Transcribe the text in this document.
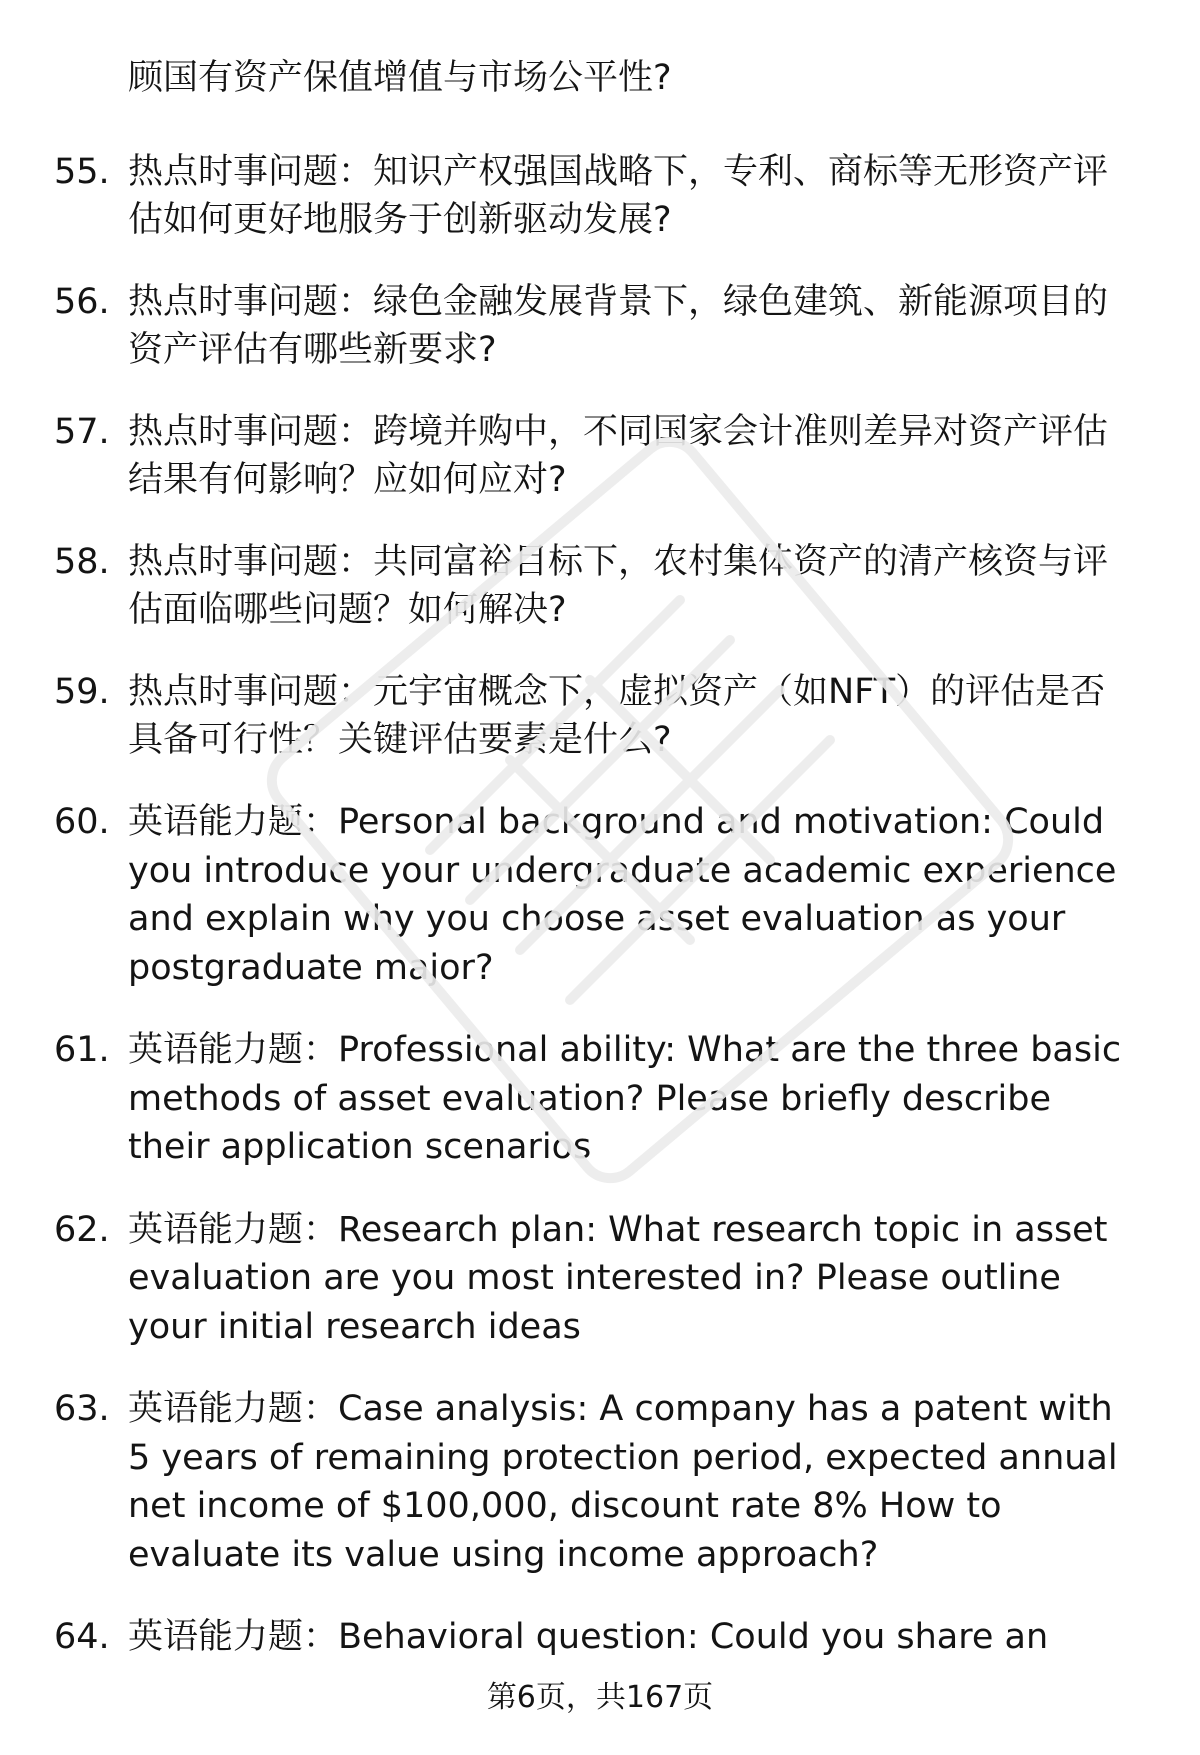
顾国有资产保值增值与市场公平性?

55. 热点时事问题：知识产权强国战略下，专利、商标等无形资产评估如何更好地服务于创新驱动发展?
56. 热点时事问题：绿色金融发展背景下，绿色建筑、新能源项目的资产评估有哪些新要求?
57. 热点时事问题：跨境并购中，不同国家会计准则差异对资产评估结果有何影响？应如何应对?
58. 热点时事问题：共同富裕目标下，农村集体资产的清产核资与评估面临哪些问题？如何解决?
59. 热点时事问题：元宇宙概念下，虚拟资产（如NFT）的评估是否具备可行性？关键评估要素是什么?
60. 英语能力题：Personal background and motivation: Could you introduce your undergraduate academic experience and explain why you choose asset evaluation as your postgraduate major?
61. 英语能力题：Professional ability: What are the three basic methods of asset evaluation? Please briefly describe their application scenarios
62. 英语能力题：Research plan: What research topic in asset evaluation are you most interested in? Please outline your initial research ideas
63. 英语能力题：Case analysis: A company has a patent with 5 years of remaining protection period, expected annual net income of $100,000, discount rate 8% How to evaluate its value using income approach?
64. 英语能力题：Behavioral question: Could you share an
第6页，共167页
